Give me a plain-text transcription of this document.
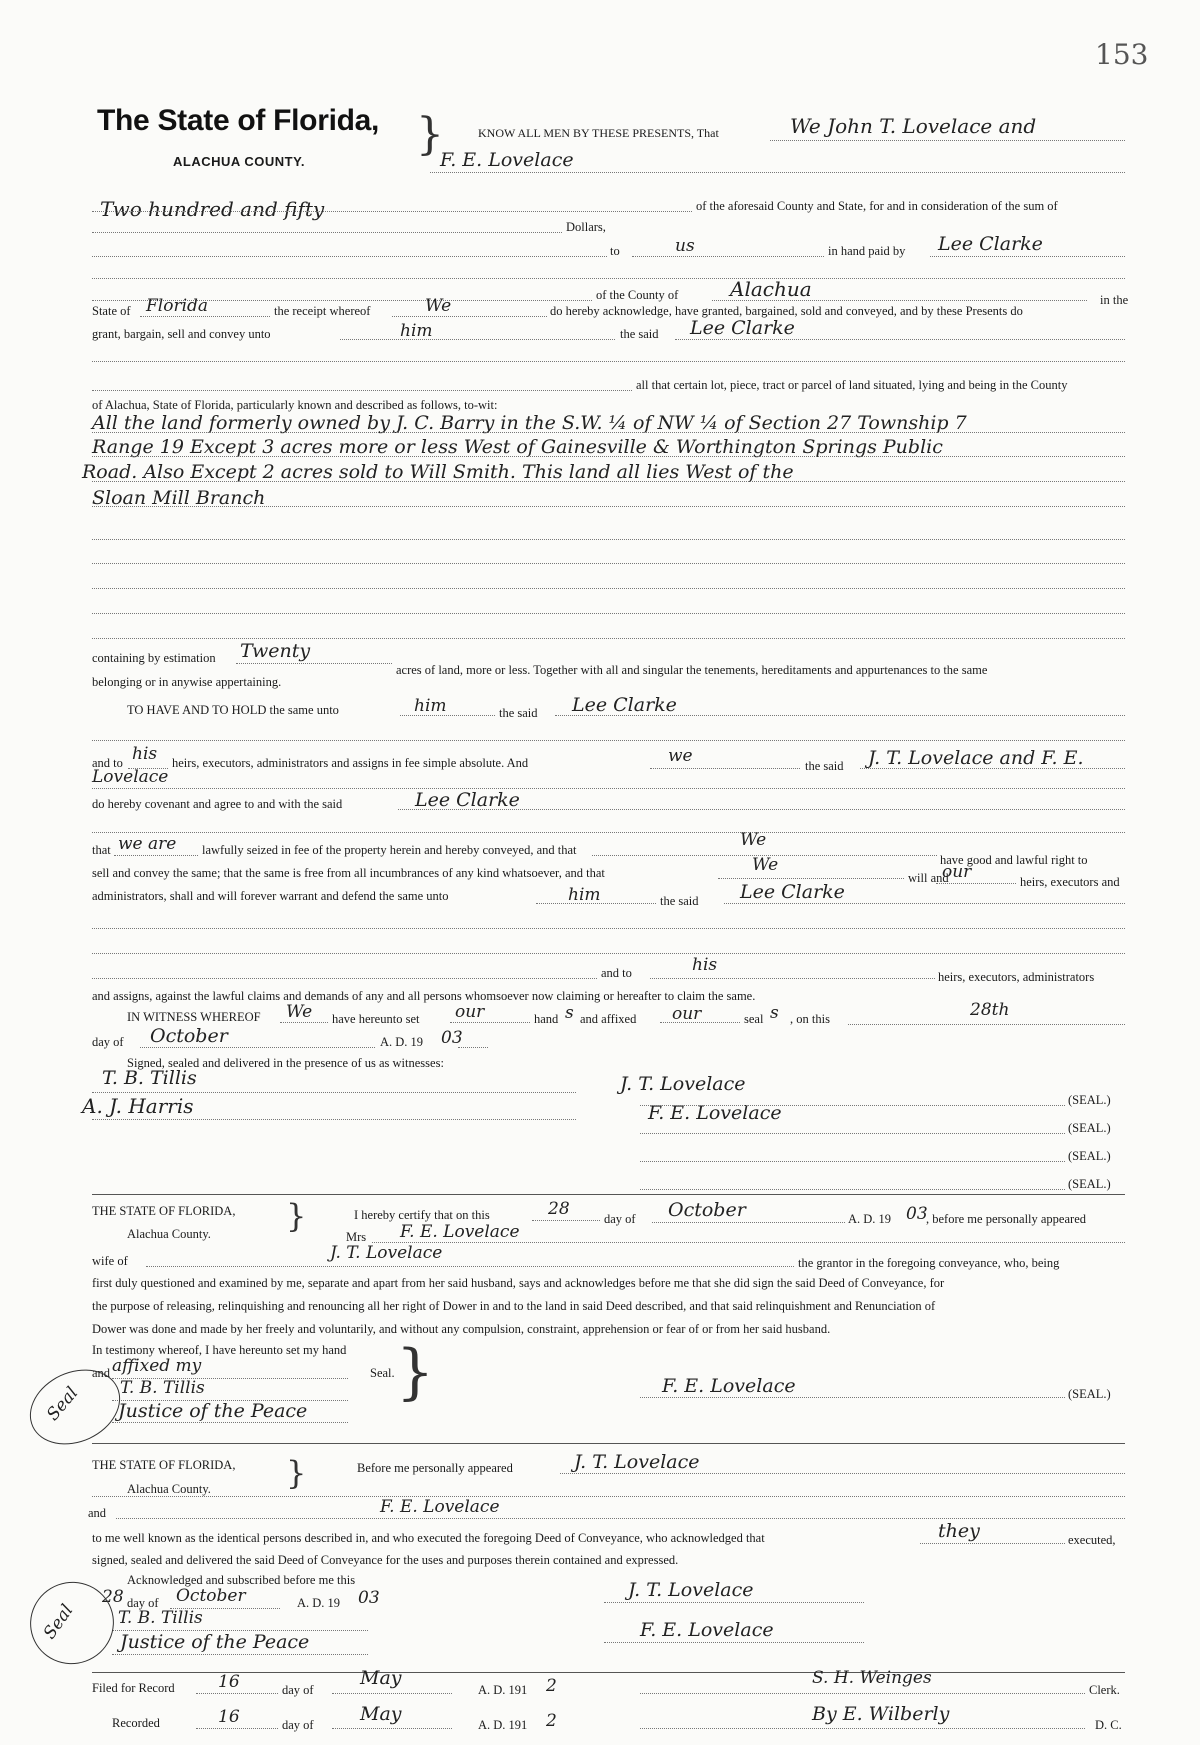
153
The State of Florida,
ALACHUA COUNTY.
}	KNOW ALL MEN BY THESE PRESENTS, That	We John T. Lovelace and
F. E. Lovelace
Two hundred and fifty	of the aforesaid County and State, for and in consideration of the sum of
Dollars,
to	us	in hand paid by Lee Clarke
of the County of	Alachua	in the
State of Florida	the receipt whereof	We	do hereby acknowledge, have granted, bargained, sold and conveyed, and by these Presents do
grant, bargain, sell and convey unto	him	the said Lee Clarke
all that certain lot, piece, tract or parcel of land situated, lying and being in the County
of Alachua, State of Florida, particularly known and described as follows, to-wit:
All the land formerly owned by J. C. Barry in the S.W. ¼ of NW ¼ of Section 27 Township 7
Range 19 Except 3 acres more or less West of Gainesville & Worthington Springs Public
Road. Also Except 2 acres sold to Will Smith. This land all lies West of the
Sloan Mill Branch
containing by estimation Twenty
acres of land, more or less. Together with all and singular the tenements, hereditaments and appurtenances to the same
belonging or in anywise appertaining.
TO HAVE AND TO HOLD the same unto	him	the said Lee Clarke
and to his heirs, executors, administrators and assigns in fee simple absolute. And	we	the said J. T. Lovelace and F. E.
Lovelace
do hereby covenant and agree to and with the said	Lee Clarke
that we are lawfully seized in fee of the property herein and hereby conveyed, and that	We
have good and lawful right to
sell and convey the same; that the same is free from all incumbrances of any kind whatsoever, and that	We
will and
our	heirs, executors and
administrators, shall and will forever warrant and defend the same unto	him	the said Lee Clarke
and to	his
heirs, executors, administrators
and assigns, against the lawful claims and demands of any and all persons whomsoever now claiming or hereafter to claim the same.
IN WITNESS WHEREOF We have hereunto set our	hand s and affixed our	seal s , on this	28th
day of October	A. D. 19 03
Signed, sealed and delivered in the presence of us as witnesses:
T. B. Tillis
A. J. Harris
J. T. Lovelace
F. E. Lovelace
(SEAL.)
(SEAL.)
(SEAL.)
(SEAL.)
THE STATE OF FLORIDA,
Alachua County. }	I hereby certify that on this	28	day of October	A. D. 19 03
, before me personally appeared
Mrs F. E. Lovelace
wife of	J. T. Lovelace	the grantor in the foregoing conveyance, who, being
first duly questioned and examined by me, separate and apart from her said husband, says and acknowledges before me that she did sign the said Deed of Conveyance, for
the purpose of releasing, relinquishing and renouncing all her right of Dower in and to the land in said Deed described, and that said relinquishment and Renunciation of
Dower was done and made by her freely and voluntarily, and without any compulsion, constraint, apprehension or fear of or from her said husband.
In testimony whereof, I have hereunto set my hand
and affixed my	Seal. }
T. B. Tillis
Justice of the Peace
Seal	F. E. Lovelace	(SEAL.)
THE STATE OF FLORIDA,
Alachua County. }	Before me personally appeared	J. T. Lovelace
and	F. E. Lovelace
to me well known as the identical persons described in, and who executed the foregoing Deed of Conveyance, who acknowledged that	they	executed,
signed, sealed and delivered the said Deed of Conveyance for the uses and purposes therein contained and expressed.
Acknowledged and subscribed before me this
28 day of October	A. D. 19 03
T. B. Tillis
Justice of the Peace
Seal
J. T. Lovelace
F. E. Lovelace
Filed for Record	16	day of
May
A. D. 191 2	S. H. Weinges
Clerk.
Recorded	16	day of May	A. D. 191 2	By E. Wilberly	D. C.
